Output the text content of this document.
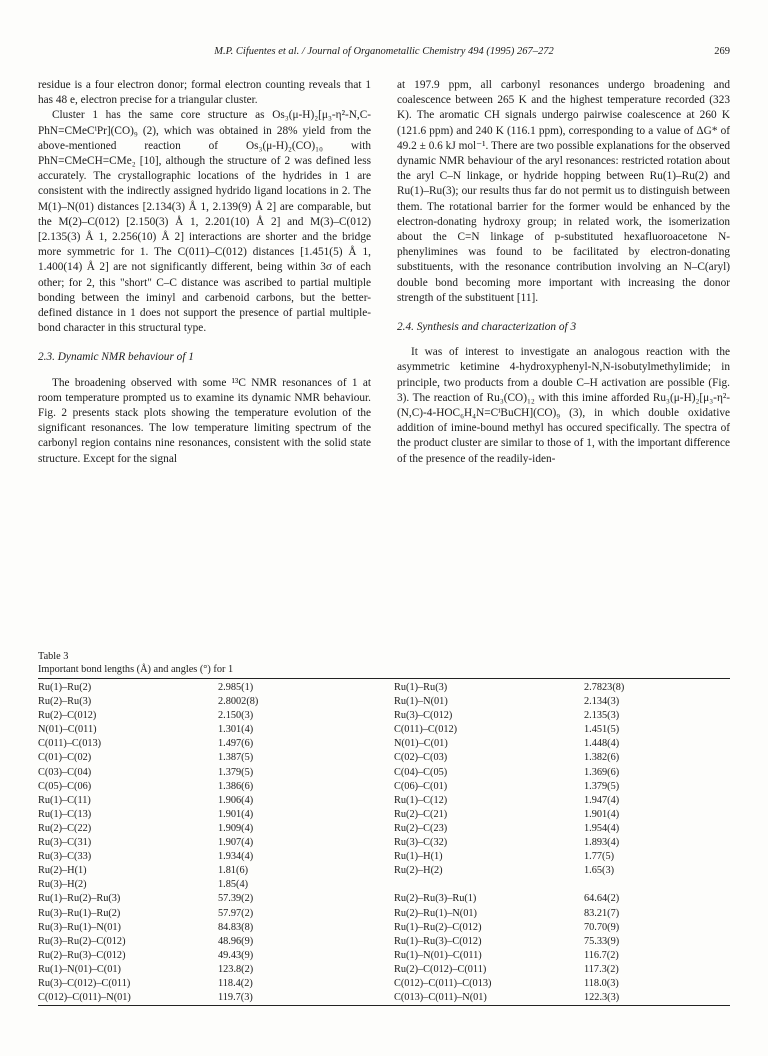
M.P. Cifuentes et al. / Journal of Organometallic Chemistry 494 (1995) 267–272	269

residue is a four electron donor; formal electron counting reveals that 1 has 48 e, electron precise for a triangular cluster.

Cluster 1 has the same core structure as Os₃(μ-H)₂[μ₃-η²-N,C-PhN=CMeCⁱPr](CO)₉ (2), which was obtained in 28% yield from the above-mentioned reaction of Os₃(μ-H)₂(CO)₁₀ with PhN=CMeCH=CMe₂ [10], although the structure of 2 was defined less accurately. The crystallographic locations of the hydrides in 1 are consistent with the indirectly assigned hydrido ligand locations in 2. The M(1)–N(01) distances [2.134(3) Å 1, 2.139(9) Å 2] are comparable, but the M(2)–C(012) [2.150(3) Å 1, 2.201(10) Å 2] and M(3)–C(012) [2.135(3) Å 1, 2.256(10) Å 2] interactions are shorter and the bridge more symmetric for 1. The C(011)–C(012) distances [1.451(5) Å 1, 1.400(14) Å 2] are not significantly different, being within 3σ of each other; for 2, this "short" C–C distance was ascribed to partial multiple bonding between the iminyl and carbenoid carbons, but the better-defined distance in 1 does not support the presence of partial multiple-bond character in this structural type.

2.3. Dynamic NMR behaviour of 1

The broadening observed with some ¹³C NMR resonances of 1 at room temperature prompted us to examine its dynamic NMR behaviour. Fig. 2 presents stack plots showing the temperature evolution of the significant resonances. The low temperature limiting spectrum of the carbonyl region contains nine resonances, consistent with the solid state structure. Except for the signal

at 197.9 ppm, all carbonyl resonances undergo broadening and coalescence between 265 K and the highest temperature recorded (323 K). The aromatic CH signals undergo pairwise coalescence at 260 K (121.6 ppm) and 240 K (116.1 ppm), corresponding to a value of ΔG* of 49.2 ± 0.6 kJ mol⁻¹. There are two possible explanations for the observed dynamic NMR behaviour of the aryl resonances: restricted rotation about the aryl C–N linkage, or hydride hopping between Ru(1)–Ru(2) and Ru(1)–Ru(3); our results thus far do not permit us to distinguish between them. The rotational barrier for the former would be enhanced by the electron-donating hydroxy group; in related work, the isomerization about the C=N linkage of p-substituted hexafluoroacetone N-phenylimines was found to be facilitated by electron-donating substituents, with the resonance contribution involving an N–C(aryl) double bond becoming more important with increasing the donor strength of the substituent [11].

2.4. Synthesis and characterization of 3

It was of interest to investigate an analogous reaction with the asymmetric ketimine 4-hydroxyphenyl-N,N-isobutylmethylimide; in principle, two products from a double C–H activation are possible (Fig. 3). The reaction of Ru₃(CO)₁₂ with this imine afforded Ru₃(μ-H)₂[μ₃-η²-(N,C)-4-HOC₆H₄N=CⁱBuCH](CO)₉ (3), in which double oxidative addition of imine-bound methyl has occured specifically. The spectra of the product cluster are similar to those of 1, with the important difference of the presence of the readily-iden-

Table 3
Important bond lengths (Å) and angles (°) for 1
Ru(1)–Ru(2)	2.985(1)	Ru(1)–Ru(3)	2.7823(8)
Ru(2)–Ru(3)	2.8002(8)	Ru(1)–N(01)	2.134(3)
Ru(2)–C(012)	2.150(3)	Ru(3)–C(012)	2.135(3)
N(01)–C(011)	1.301(4)	C(011)–C(012)	1.451(5)
C(011)–C(013)	1.497(6)	N(01)–C(01)	1.448(4)
C(01)–C(02)	1.387(5)	C(02)–C(03)	1.382(6)
C(03)–C(04)	1.379(5)	C(04)–C(05)	1.369(6)
C(05)–C(06)	1.386(6)	C(06)–C(01)	1.379(5)
Ru(1)–C(11)	1.906(4)	Ru(1)–C(12)	1.947(4)
Ru(1)–C(13)	1.901(4)	Ru(2)–C(21)	1.901(4)
Ru(2)–C(22)	1.909(4)	Ru(2)–C(23)	1.954(4)
Ru(3)–C(31)	1.907(4)	Ru(3)–C(32)	1.893(4)
Ru(3)–C(33)	1.934(4)	Ru(1)–H(1)	1.77(5)
Ru(2)–H(1)	1.81(6)	Ru(2)–H(2)	1.65(3)
Ru(3)–H(2)	1.85(4)		
Ru(1)–Ru(2)–Ru(3)	57.39(2)	Ru(2)–Ru(3)–Ru(1)	64.64(2)
Ru(3)–Ru(1)–Ru(2)	57.97(2)	Ru(2)–Ru(1)–N(01)	83.21(7)
Ru(3)–Ru(1)–N(01)	84.83(8)	Ru(1)–Ru(2)–C(012)	70.70(9)
Ru(3)–Ru(2)–C(012)	48.96(9)	Ru(1)–Ru(3)–C(012)	75.33(9)
Ru(2)–Ru(3)–C(012)	49.43(9)	Ru(1)–N(01)–C(011)	116.7(2)
Ru(1)–N(01)–C(01)	123.8(2)	Ru(2)–C(012)–C(011)	117.3(2)
Ru(3)–C(012)–C(011)	118.4(2)	C(012)–C(011)–C(013)	118.0(3)
C(012)–C(011)–N(01)	119.7(3)	C(013)–C(011)–N(01)	122.3(3)
